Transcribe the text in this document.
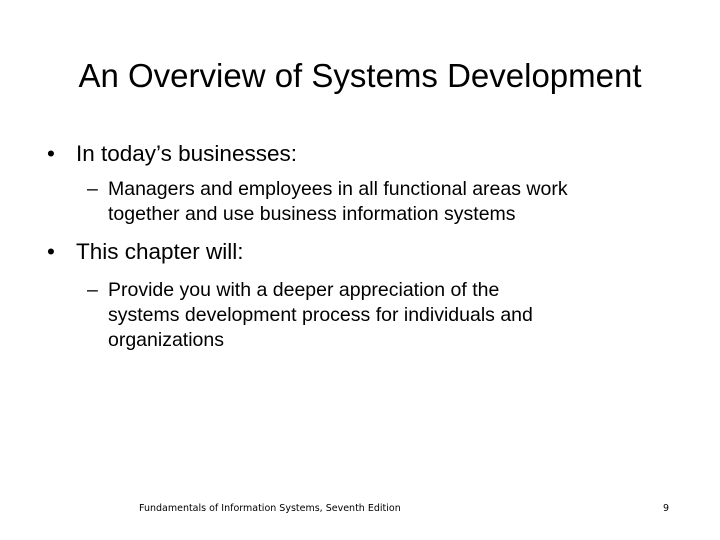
An Overview of Systems Development
• In today’s businesses:
– Managers and employees in all functional areas work
together and use business information systems
• This chapter will:
– Provide you with a deeper appreciation of the
systems development process for individuals and
organizations
Fundamentals of Information Systems, Seventh Edition	9
